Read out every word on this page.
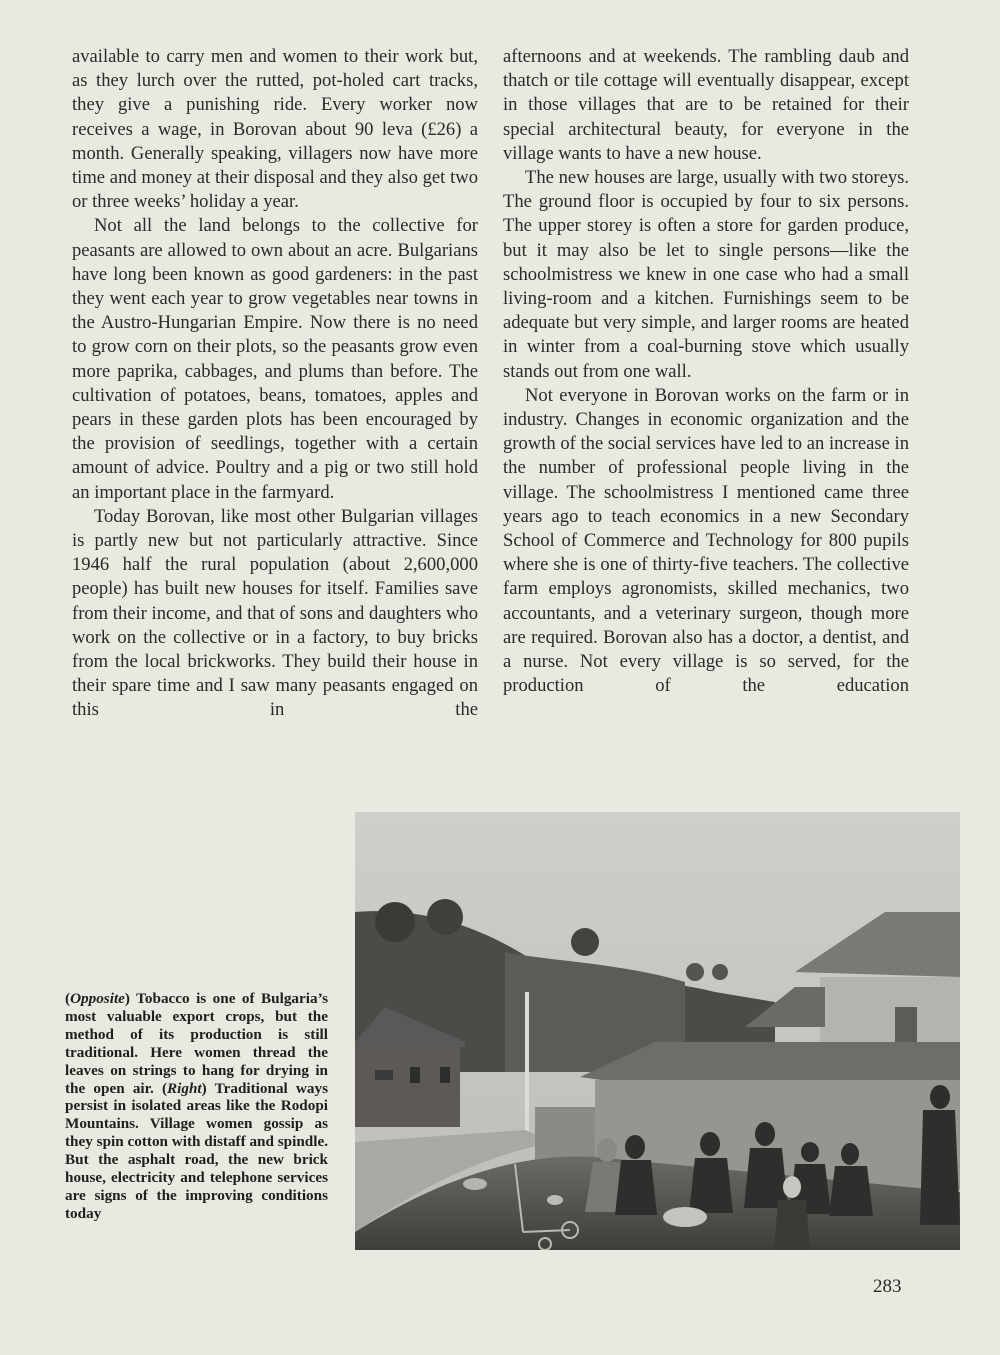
available to carry men and women to their work but, as they lurch over the rutted, pot-holed cart tracks, they give a punishing ride. Every worker now receives a wage, in Borovan about 90 leva (£26) a month. Generally speaking, villagers now have more time and money at their disposal and they also get two or three weeks’ holiday a year.

Not all the land belongs to the collective for peasants are allowed to own about an acre. Bulgarians have long been known as good gardeners: in the past they went each year to grow vegetables near towns in the Austro-Hungarian Empire. Now there is no need to grow corn on their plots, so the peasants grow even more paprika, cabbages, and plums than before. The cultivation of potatoes, beans, tomatoes, apples and pears in these garden plots has been encouraged by the provision of seedlings, together with a certain amount of advice. Poultry and a pig or two still hold an important place in the farmyard.

Today Borovan, like most other Bulgarian villages is partly new but not particularly attractive. Since 1946 half the rural population (about 2,600,000 people) has built new houses for itself. Families save from their income, and that of sons and daughters who work on the collective or in a factory, to buy bricks from the local brickworks. They build their house in their spare time and I saw many peasants engaged on this in the

afternoons and at weekends. The rambling daub and thatch or tile cottage will eventually disappear, except in those villages that are to be retained for their special architectural beauty, for everyone in the village wants to have a new house.

The new houses are large, usually with two storeys. The ground floor is occupied by four to six persons. The upper storey is often a store for garden produce, but it may also be let to single persons—like the schoolmistress we knew in one case who had a small living-room and a kitchen. Furnishings seem to be adequate but very simple, and larger rooms are heated in winter from a coal-burning stove which usually stands out from one wall.

Not everyone in Borovan works on the farm or in industry. Changes in economic organization and the growth of the social services have led to an increase in the number of professional people living in the village. The schoolmistress I mentioned came three years ago to teach economics in a new Secondary School of Commerce and Technology for 800 pupils where she is one of thirty-five teachers. The collective farm employs agronomists, skilled mechanics, two accountants, and a veterinary surgeon, though more are required. Borovan also has a doctor, a dentist, and a nurse. Not every village is so served, for the production of the education

(Opposite) Tobacco is one of Bulgaria’s most valuable export crops, but the method of its production is still traditional. Here women thread the leaves on strings to hang for drying in the open air. (Right) Traditional ways persist in isolated areas like the Rodopi Mountains. Village women gossip as they spin cotton with distaff and spindle. But the asphalt road, the new brick house, electricity and telephone services are signs of the improving conditions today
283
